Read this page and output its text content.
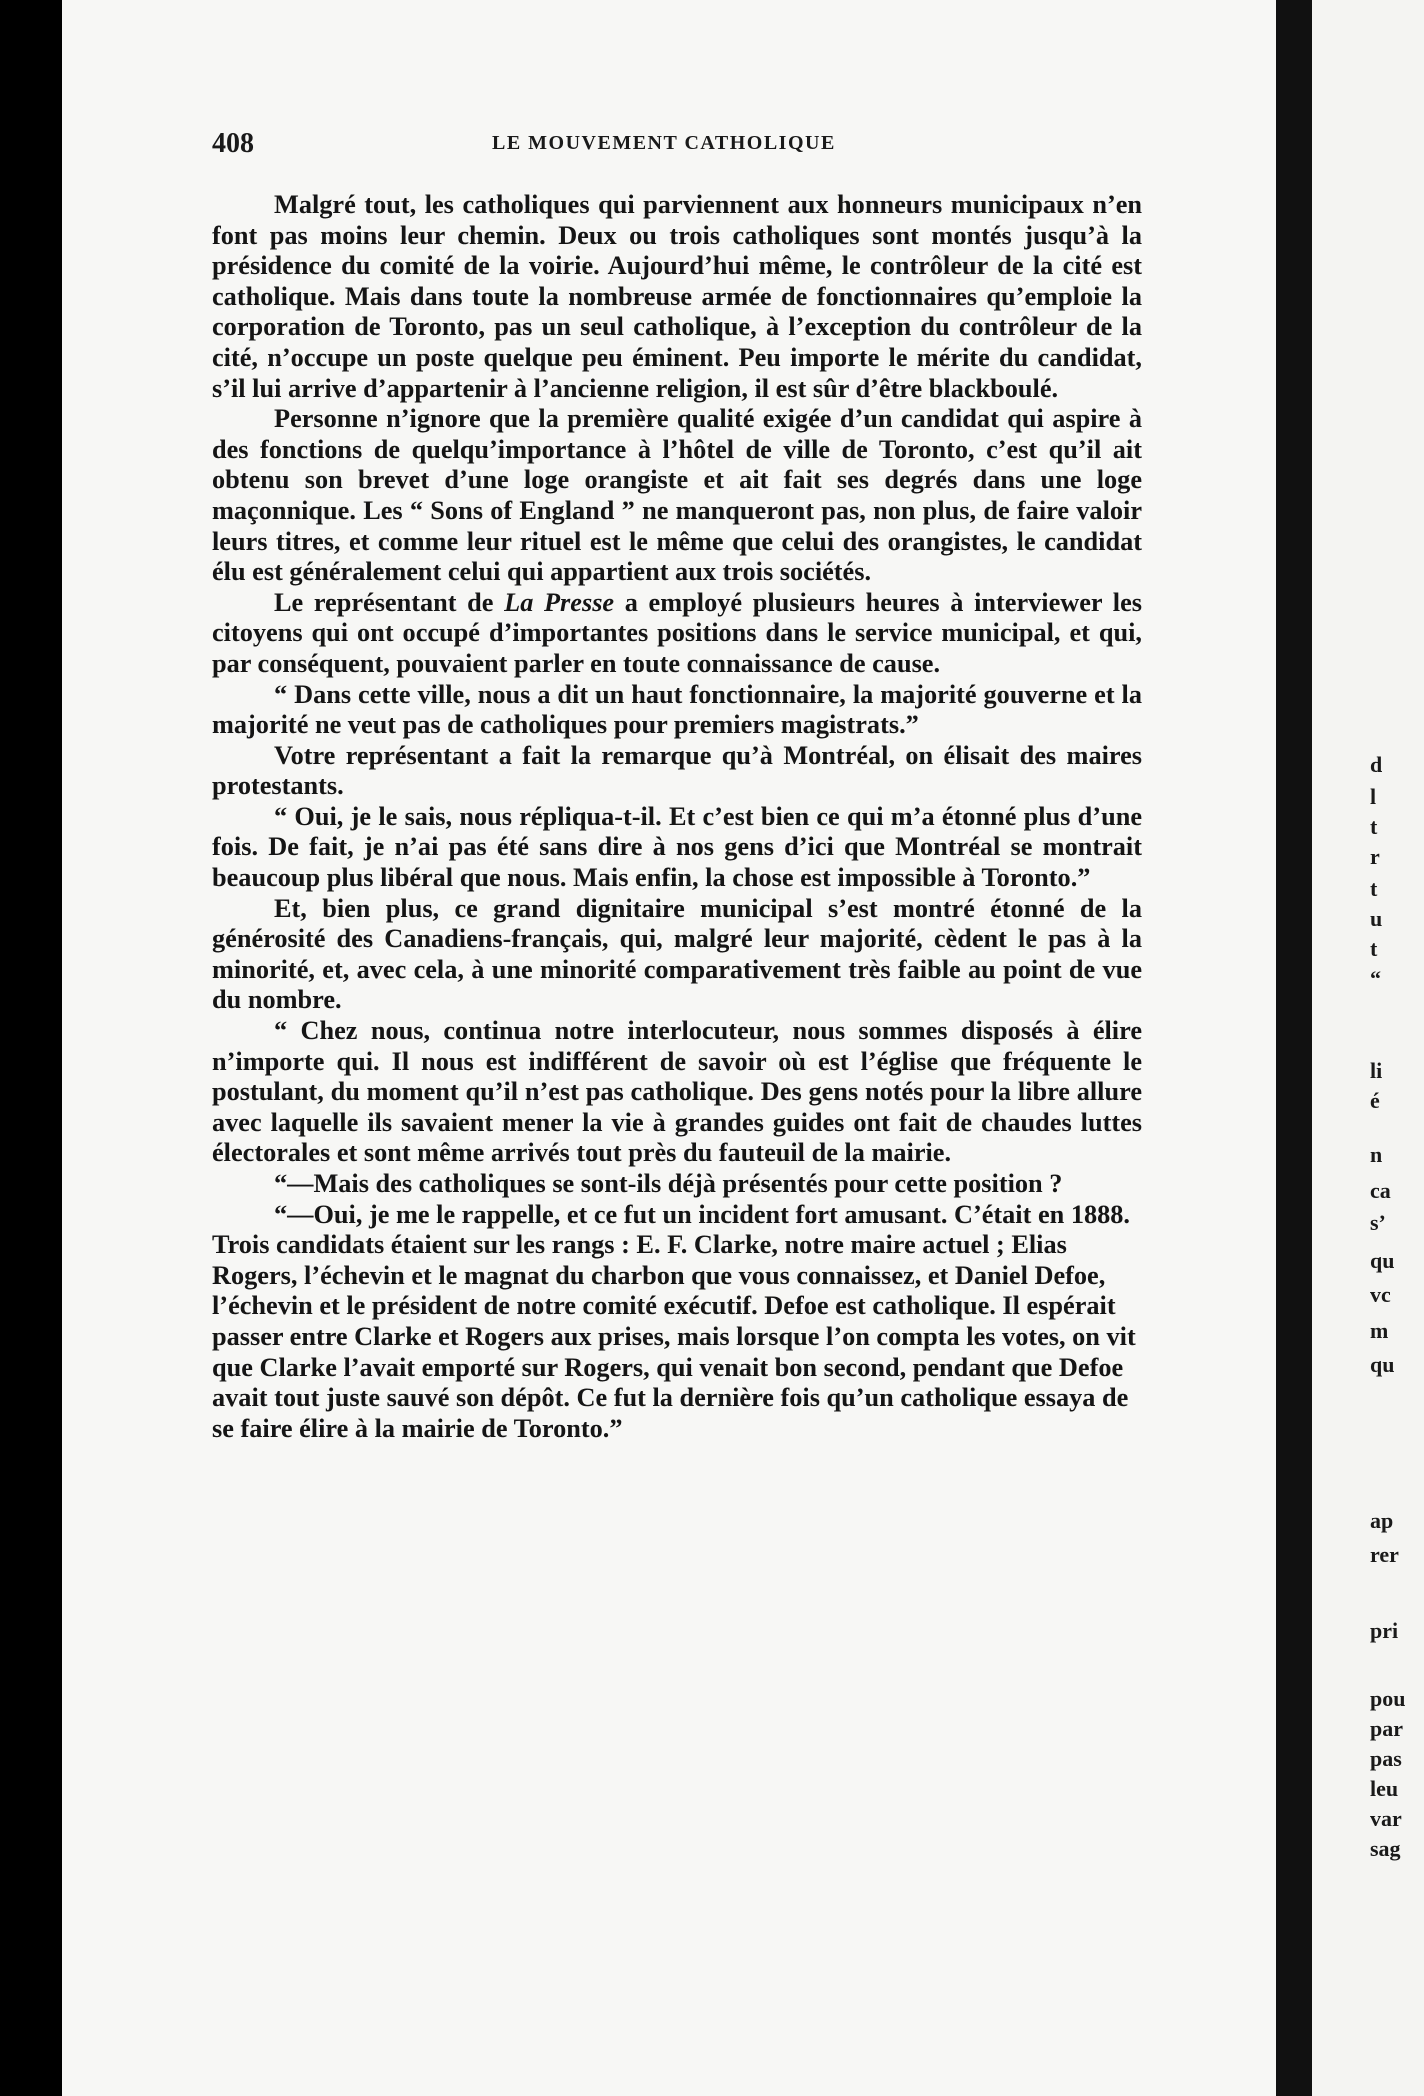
408	LE MOUVEMENT CATHOLIQUE

Malgré tout, les catholiques qui parviennent aux honneurs municipaux n’en font pas moins leur chemin. Deux ou trois catholiques sont montés jusqu’à la présidence du comité de la voirie. Aujourd’hui même, le contrôleur de la cité est catholique. Mais dans toute la nombreuse armée de fonctionnaires qu’emploie la corporation de Toronto, pas un seul catholique, à l’exception du contrôleur de la cité, n’occupe un poste quelque peu éminent. Peu importe le mérite du candidat, s’il lui arrive d’appartenir à l’ancienne religion, il est sûr d’être blackboulé.

Personne n’ignore que la première qualité exigée d’un candidat qui aspire à des fonctions de quelqu’importance à l’hôtel de ville de Toronto, c’est qu’il ait obtenu son brevet d’une loge orangiste et ait fait ses degrés dans une loge maçonnique. Les “ Sons of England ” ne manqueront pas, non plus, de faire valoir leurs titres, et comme leur rituel est le même que celui des orangistes, le candidat élu est généralement celui qui appartient aux trois sociétés.

Le représentant de La Presse a employé plusieurs heures à interviewer les citoyens qui ont occupé d’importantes positions dans le service municipal, et qui, par conséquent, pouvaient parler en toute connaissance de cause.

“ Dans cette ville, nous a dit un haut fonctionnaire, la majorité gouverne et la majorité ne veut pas de catholiques pour premiers magistrats.”

Votre représentant a fait la remarque qu’à Montréal, on élisait des maires protestants.

“ Oui, je le sais, nous répliqua-t-il. Et c’est bien ce qui m’a étonné plus d’une fois. De fait, je n’ai pas été sans dire à nos gens d’ici que Montréal se montrait beaucoup plus libéral que nous. Mais enfin, la chose est impossible à Toronto.”

Et, bien plus, ce grand dignitaire municipal s’est montré étonné de la générosité des Canadiens-français, qui, malgré leur majorité, cèdent le pas à la minorité, et, avec cela, à une minorité comparativement très faible au point de vue du nombre.

“ Chez nous, continua notre interlocuteur, nous sommes disposés à élire n’importe qui. Il nous est indifférent de savoir où est l’église que fréquente le postulant, du moment qu’il n’est pas catholique. Des gens notés pour la libre allure avec laquelle ils savaient mener la vie à grandes guides ont fait de chaudes luttes électorales et sont même arrivés tout près du fauteuil de la mairie.

“—Mais des catholiques se sont-ils déjà présentés pour cette position ?

“—Oui, je me le rappelle, et ce fut un incident fort amusant. C’était en 1888. Trois candidats étaient sur les rangs : E. F. Clarke, notre maire actuel ; Elias Rogers, l’échevin et le magnat du charbon que vous connaissez, et Daniel Defoe, l’échevin et le président de notre comité exécutif. Defoe est catholique. Il espérait passer entre Clarke et Rogers aux prises, mais lorsque l’on compta les votes, on vit que Clarke l’avait emporté sur Rogers, qui venait bon second, pendant que Defoe avait tout juste sauvé son dépôt. Ce fut la dernière fois qu’un catholique essaya de se faire élire à la mairie de Toronto.”

d
l
t
r
t
u
t
“
li
é
n
ca
s’
qu
vc
m
qu
ap
rer
pri
pou
par
pas
leu
var
sag
